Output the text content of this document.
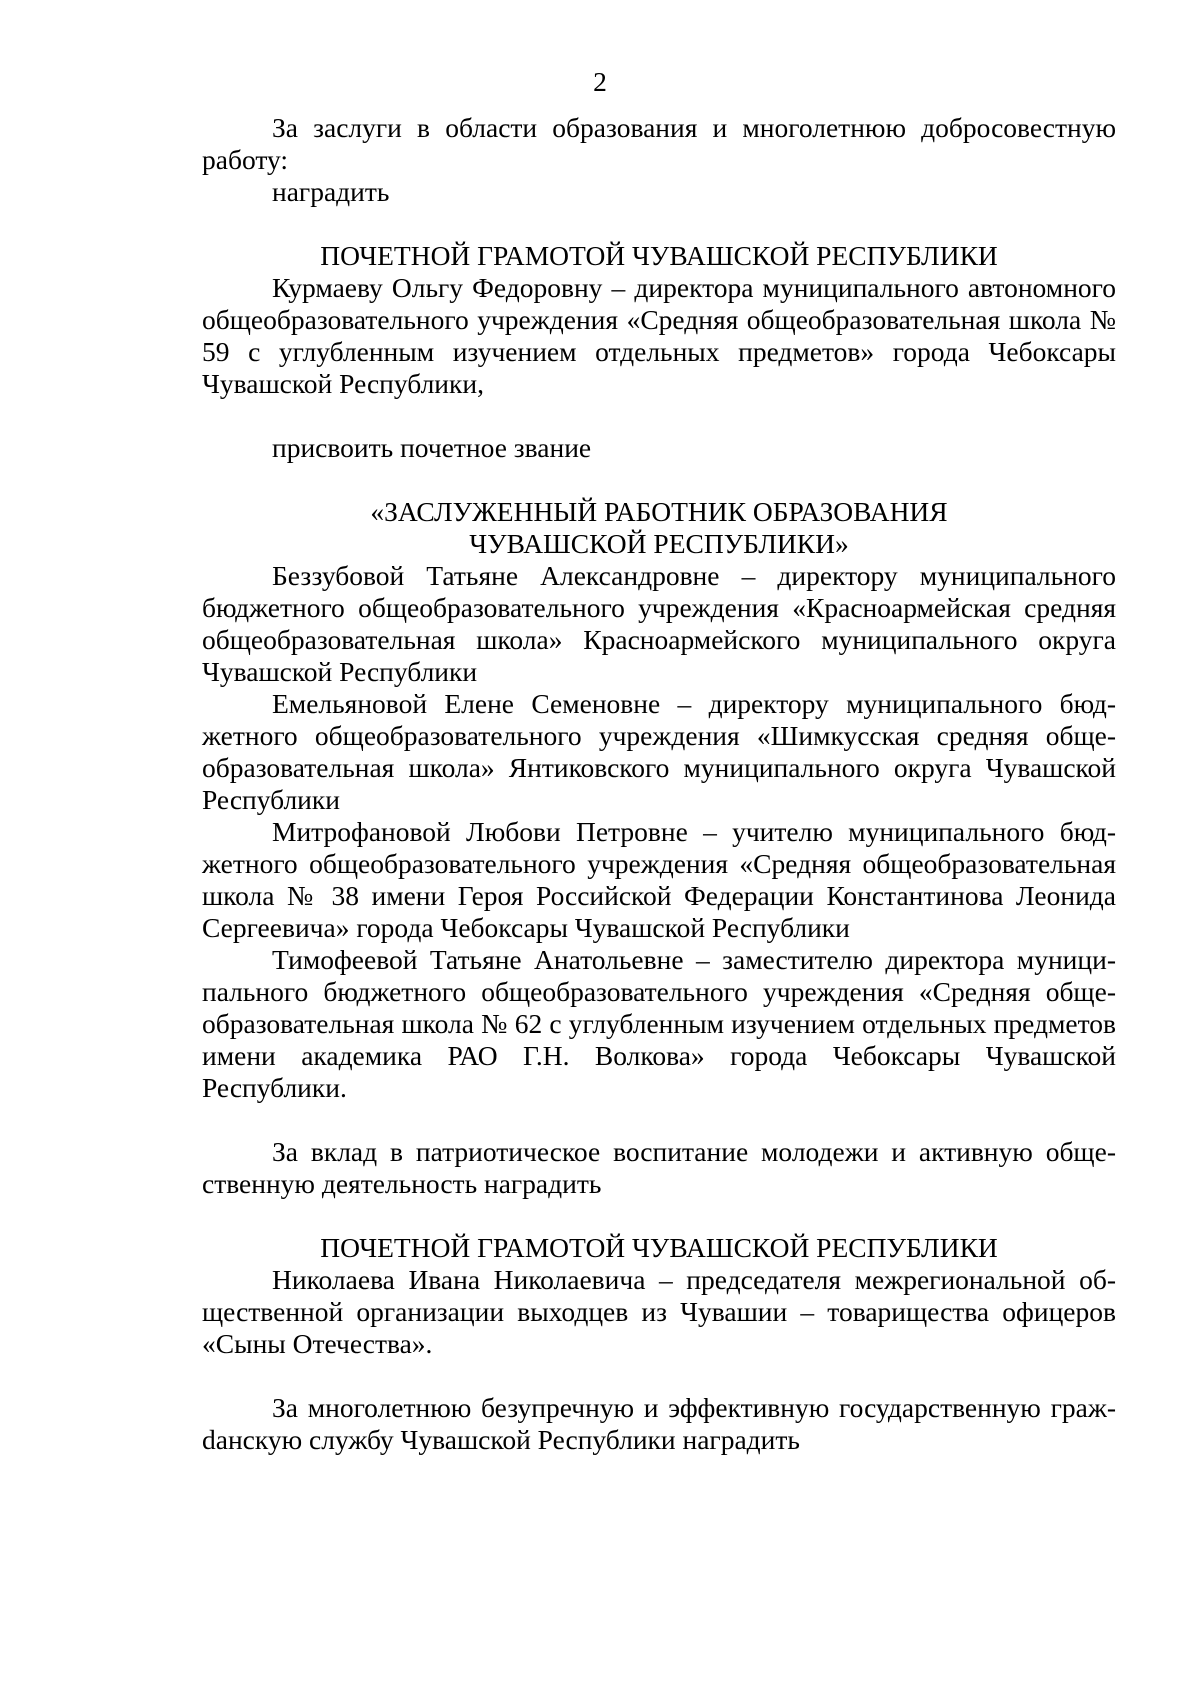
2

За заслуги в области образования и многолетнюю добросовестную работу:

наградить

ПОЧЕТНОЙ ГРАМОТОЙ ЧУВАШСКОЙ РЕСПУБЛИКИ

Курмаеву Ольгу Федоровну – директора муниципального автономного общеобразовательного учреждения «Средняя общеобразовательная школа № 59 с углубленным изучением отдельных предметов» города Чебоксары Чувашской Республики,

присвоить почетное звание

«ЗАСЛУЖЕННЫЙ РАБОТНИК ОБРАЗОВАНИЯ

ЧУВАШСКОЙ РЕСПУБЛИКИ»

Беззубовой Татьяне Александровне – директору муниципального бюджетного общеобразовательного учреждения «Красноармейская средняя общеобразовательная школа» Красноармейского муниципального округа Чувашской Республики

Емельяновой Елене Семеновне – директору муниципального бюджетного общеобразовательного учреждения «Шимкусская средняя общеобразовательная школа» Янтиковского муниципального округа Чувашской Республики

Митрофановой Любови Петровне – учителю муниципального бюджетного общеобразовательного учреждения «Средняя общеобразовательная школа № 38 имени Героя Российской Федерации Константинова Леонида Сергеевича» города Чебоксары Чувашской Республики

Тимофеевой Татьяне Анатольевне – заместителю директора муниципального бюджетного общеобразовательного учреждения «Средняя общеобразовательная школа № 62 с углубленным изучением отдельных предметов имени академика РАО Г.Н. Волкова» города Чебоксары Чувашской Республики.

За вклад в патриотическое воспитание молодежи и активную общественную деятельность наградить

ПОЧЕТНОЙ ГРАМОТОЙ ЧУВАШСКОЙ РЕСПУБЛИКИ

Николаева Ивана Николаевича – председателя межрегиональной общественной организации выходцев из Чувашии – товарищества офицеров «Сыны Отечества».

За многолетнюю безупречную и эффективную государственную гражdанскую службу Чувашской Республики наградить
